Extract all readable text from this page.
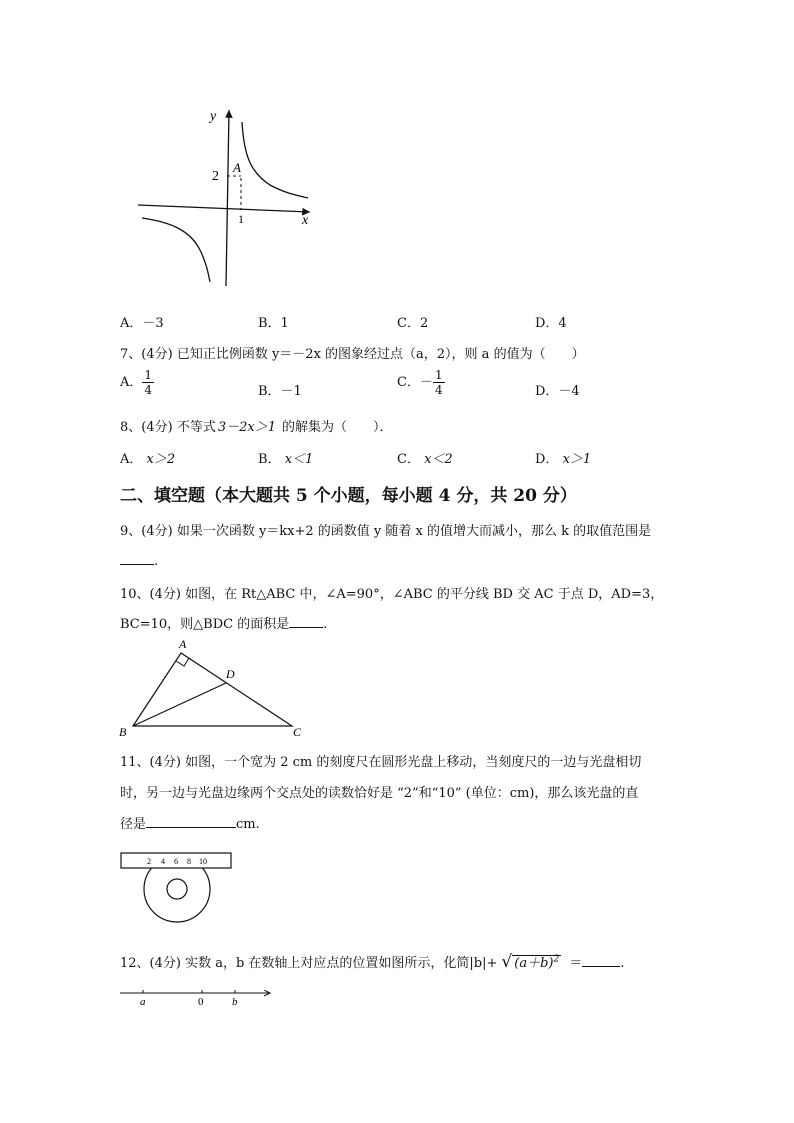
y
x
A
2
1
A．－3	B．1	C．2	D．4
7、(4分) 已知正比例函数 y＝－2x 的图象经过点（a，2），则 a 的值为（　　）
A． $\frac{1}{4}$	B．－1
C．－ $\frac{1}{4}$	D．－4
8、(4分) 不等式 3－2x＞1 的解集为（　　）．
A． x＞2	B． x＜1	C． x＜2	D． x＞1
二、填空题（本大题共 5 个小题，每小题 4 分，共 20 分）
9、(4分) 如果一次函数 y＝kx+2 的函数值 y 随着 x 的值增大而减小，那么 k 的取值范围是
.
10、(4分) 如图，在 Rt△ABC 中，∠A=90°，∠ABC 的平分线 BD 交 AC 于点 D，AD=3，
BC=10，则△BDC 的面积是	.
A
B	C
D
11、(4分) 如图，一个宽为 2 cm 的刻度尺在圆形光盘上移动，当刻度尺的一边与光盘相切
时，另一边与光盘边缘两个交点处的读数恰好是 “2”和“10” (单位：cm)，那么该光盘的直
径是	cm.
2 4 6 8 10
12、(4分) 实数 a，b 在数轴上对应点的位置如图所示，化简|b|+ √ $(a+b)^2$ ＝	.
a	0	b
